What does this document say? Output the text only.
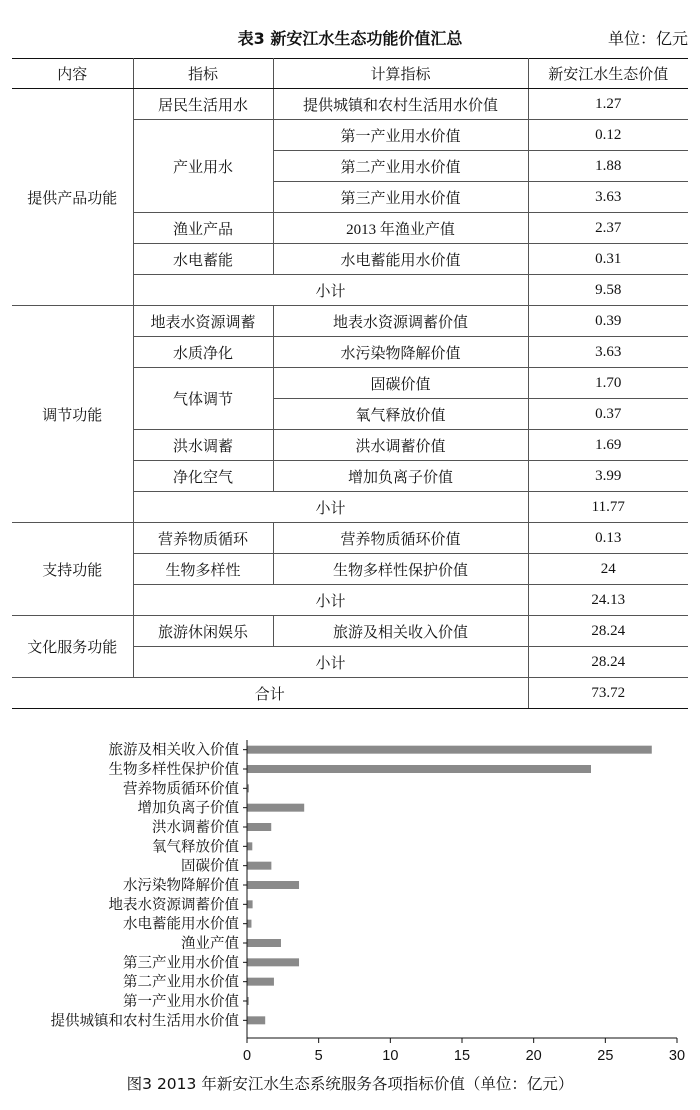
表3 新安江水生态功能价值汇总	单位：亿元
内容	指标	计算指标	新安江水生态价值
提供产品功能	居民生活用水	提供城镇和农村生活用水价值	1.27
	产业用水	第一产业用水价值	0.12
		第二产业用水价值	1.88
		第三产业用水价值	3.63
	渔业产品	2013 年渔业产值	2.37
	水电蓄能	水电蓄能用水价值	0.31
	小计		9.58
调节功能	地表水资源调蓄	地表水资源调蓄价值	0.39
	水质净化	水污染物降解价值	3.63
	气体调节	固碳价值	1.70
		氧气释放价值	0.37
	洪水调蓄	洪水调蓄价值	1.69
	净化空气	增加负离子价值	3.99
	小计		11.77
支持功能	营养物质循环	营养物质循环价值	0.13
	生物多样性	生物多样性保护价值	24
	小计		24.13
文化服务功能	旅游休闲娱乐	旅游及相关收入价值	28.24
	小计		28.24
合计			73.72
旅游及相关收入价值
生物多样性保护价值
营养物质循环价值
增加负离子价值
洪水调蓄价值
氧气释放价值
固碳价值
水污染物降解价值
地表水资源调蓄价值
水电蓄能用水价值
渔业产值
第三产业用水价值
第二产业用水价值
第一产业用水价值
提供城镇和农村生活用水价值
0	5	10	15	20	25	30
图3 2013 年新安江水生态系统服务各项指标价值（单位：亿元）
